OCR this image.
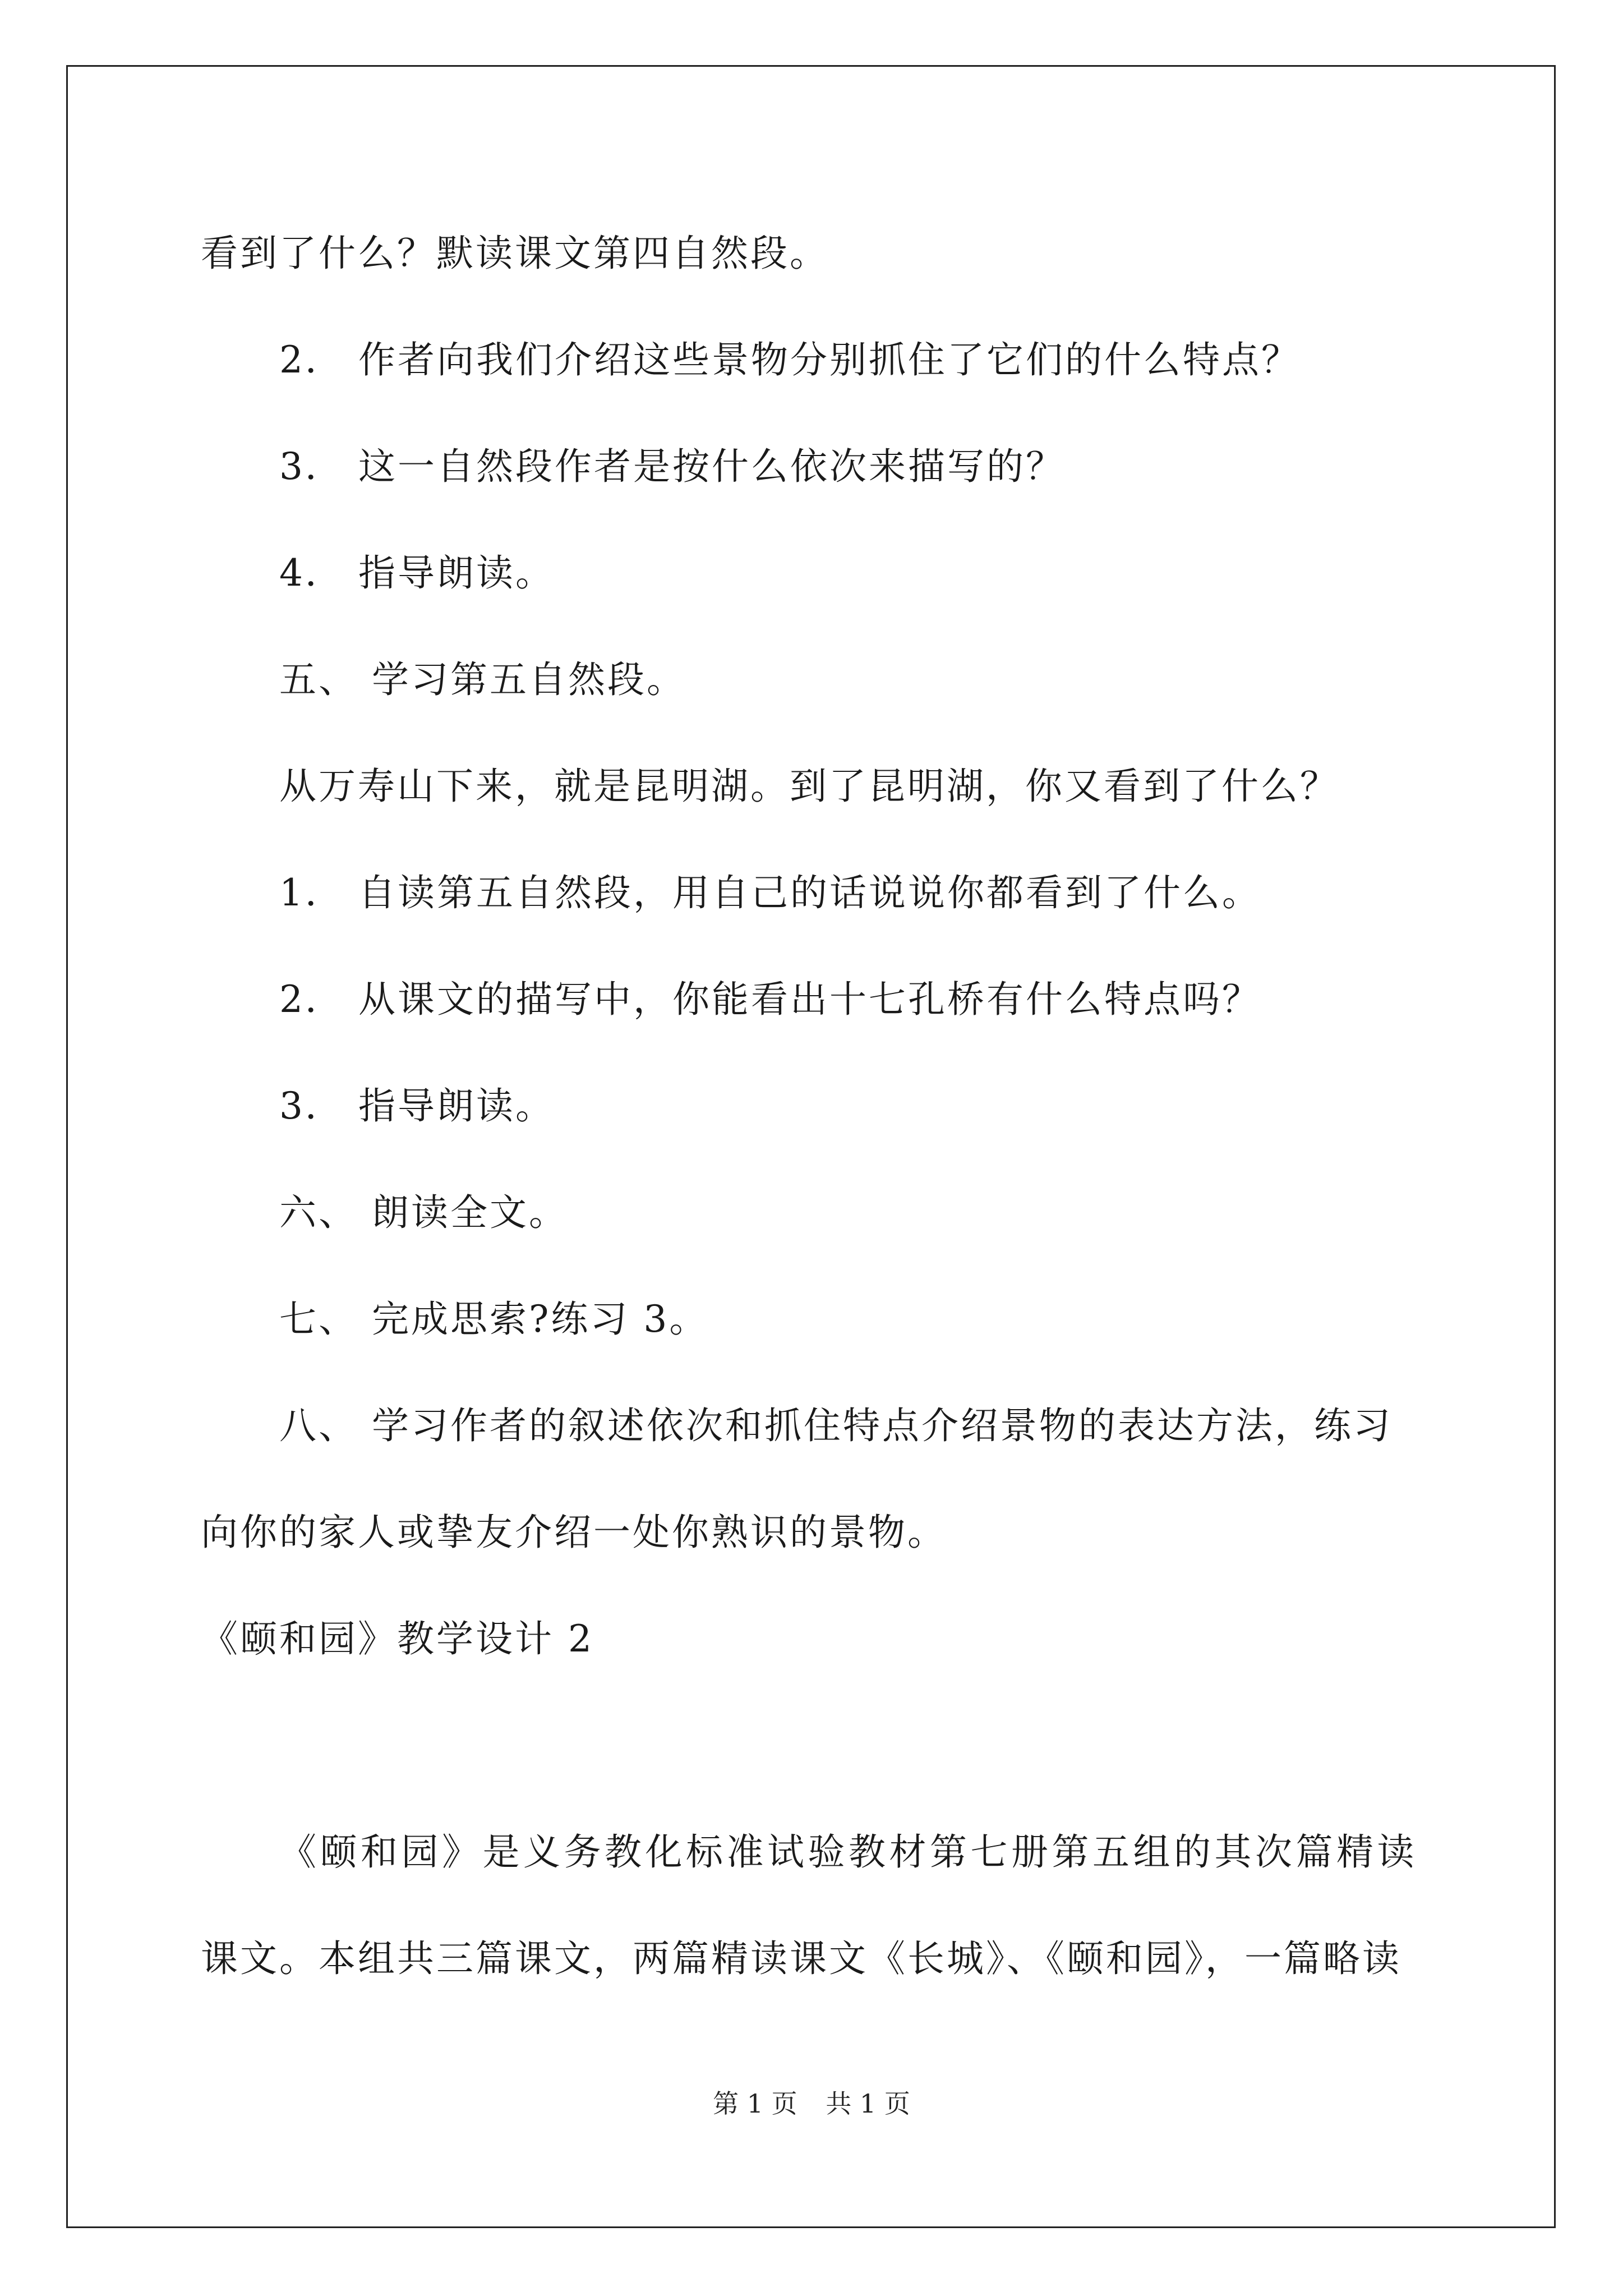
看到了什么？默读课文第四自然段。
2． 作者向我们介绍这些景物分别抓住了它们的什么特点？
3． 这一自然段作者是按什么依次来描写的？
4． 指导朗读。
五、 学习第五自然段。
从万寿山下来，就是昆明湖。到了昆明湖，你又看到了什么？
1． 自读第五自然段，用自己的话说说你都看到了什么。
2． 从课文的描写中，你能看出十七孔桥有什么特点吗？
3． 指导朗读。
六、 朗读全文。
七、 完成思索?练习 3。
八、 学习作者的叙述依次和抓住特点介绍景物的表达方法，练习
向你的家人或挚友介绍一处你熟识的景物。
《颐和园》教学设计 2
《颐和园》是义务教化标准试验教材第七册第五组的其次篇精读
课文。本组共三篇课文，两篇精读课文《长城》、《颐和园》，一篇略读
第 1 页 共 1 页
